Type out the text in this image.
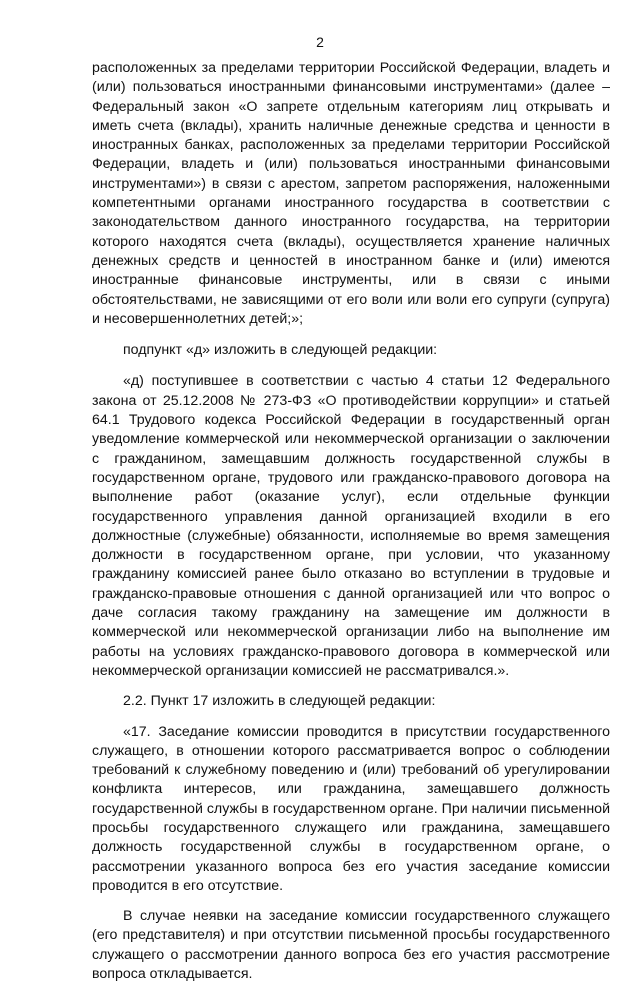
2

расположенных за пределами территории Российской Федерации, владеть и (или) пользоваться иностранными финансовыми инструментами» (далее – Федеральный закон «О запрете отдельным категориям лиц открывать и иметь счета (вклады), хранить наличные денежные средства и ценности в иностранных банках, расположенных за пределами территории Российской Федерации, владеть и (или) пользоваться иностранными финансовыми инструментами») в связи с арестом, запретом распоряжения, наложенными компетентными органами иностранного государства в соответствии с законодательством данного иностранного государства, на территории которого находятся счета (вклады), осуществляется хранение наличных денежных средств и ценностей в иностранном банке и (или) имеются иностранные финансовые инструменты, или в связи с иными обстоятельствами, не зависящими от его воли или воли его супруги (супруга) и несовершеннолетних детей;»;

подпункт «д» изложить в следующей редакции:

«д) поступившее в соответствии с частью 4 статьи 12 Федерального закона от 25.12.2008 № 273-ФЗ «О противодействии коррупции» и статьей 64.1 Трудового кодекса Российской Федерации в государственный орган уведомление коммерческой или некоммерческой организации о заключении с гражданином, замещавшим должность государственной службы в государственном органе, трудового или гражданско-правового договора на выполнение работ (оказание услуг), если отдельные функции государственного управления данной организацией входили в его должностные (служебные) обязанности, исполняемые во время замещения должности в государственном органе, при условии, что указанному гражданину комиссией ранее было отказано во вступлении в трудовые и гражданско-правовые отношения с данной организацией или что вопрос о даче согласия такому гражданину на замещение им должности в коммерческой или некоммерческой организации либо на выполнение им работы на условиях гражданско-правового договора в коммерческой или некоммерческой организации комиссией не рассматривался.».

2.2. Пункт 17 изложить в следующей редакции:

«17. Заседание комиссии проводится в присутствии государственного служащего, в отношении которого рассматривается вопрос о соблюдении требований к служебному поведению и (или) требований об урегулировании конфликта интересов, или гражданина, замещавшего должность государственной службы в государственном органе. При наличии письменной просьбы государственного служащего или гражданина, замещавшего должность государственной службы в государственном органе, о рассмотрении указанного вопроса без его участия заседание комиссии проводится в его отсутствие.

В случае неявки на заседание комиссии государственного служащего (его представителя) и при отсутствии письменной просьбы государственного служащего о рассмотрении данного вопроса без его участия рассмотрение вопроса откладывается.
